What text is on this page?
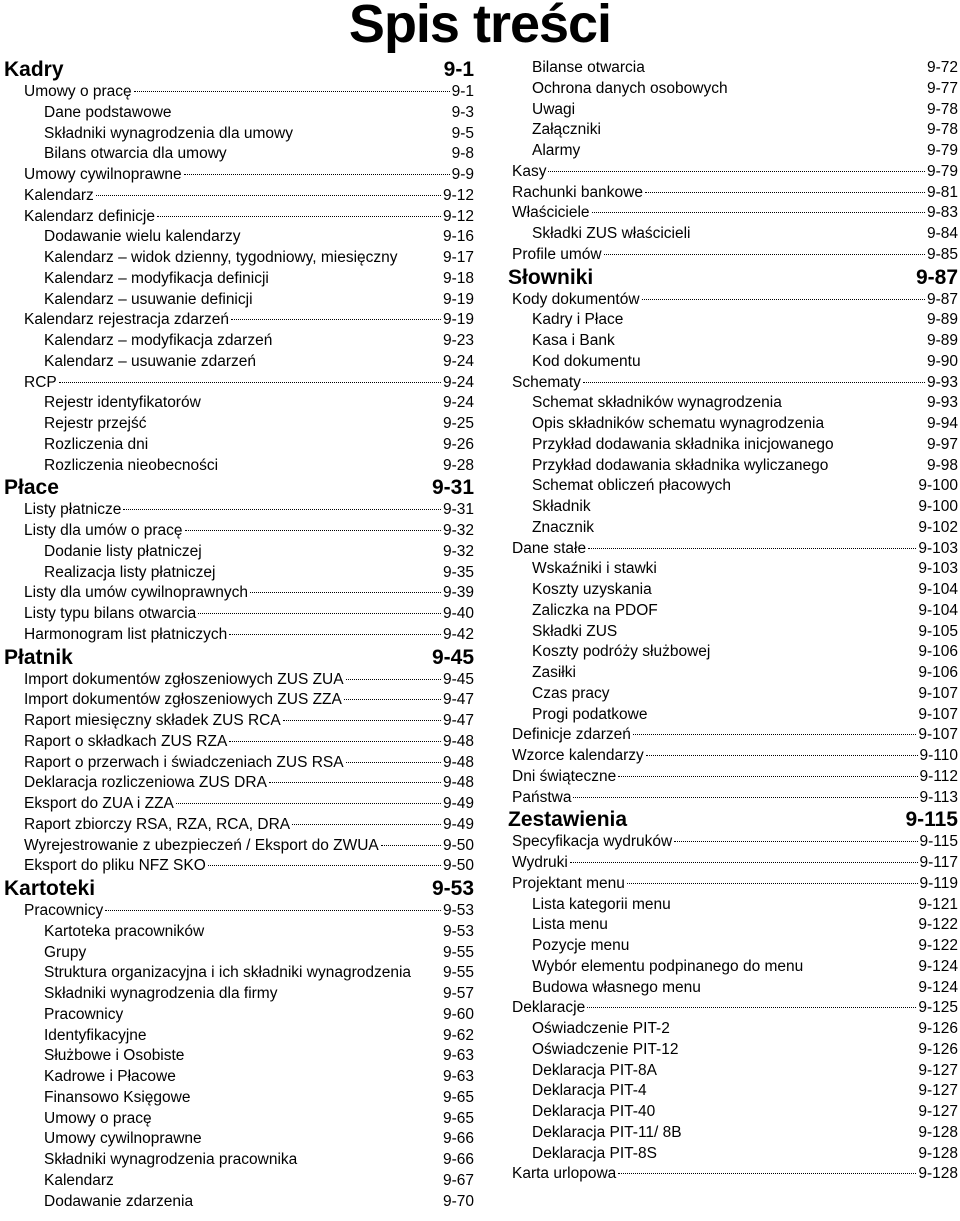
Spis treści
Kadry	9-1
Umowy o pracę	9-1
Dane podstawowe	9-3
Składniki wynagrodzenia dla umowy	9-5
Bilans otwarcia dla umowy	9-8
Umowy cywilnoprawne	9-9
Kalendarz	9-12
Kalendarz definicje	9-12
Dodawanie wielu kalendarzy	9-16
Kalendarz – widok dzienny, tygodniowy, miesięczny	9-17
Kalendarz – modyfikacja definicji	9-18
Kalendarz – usuwanie definicji	9-19
Kalendarz rejestracja zdarzeń	9-19
Kalendarz – modyfikacja zdarzeń	9-23
Kalendarz – usuwanie zdarzeń	9-24
RCP	9-24
Rejestr identyfikatorów	9-24
Rejestr przejść	9-25
Rozliczenia dni	9-26
Rozliczenia nieobecności	9-28
Płace	9-31
Listy płatnicze	9-31
Listy dla umów o pracę	9-32
Dodanie listy płatniczej	9-32
Realizacja listy płatniczej	9-35
Listy dla umów cywilnoprawnych	9-39
Listy typu bilans otwarcia	9-40
Harmonogram list płatniczych	9-42
Płatnik	9-45
Import dokumentów zgłoszeniowych ZUS ZUA	9-45
Import dokumentów zgłoszeniowych ZUS ZZA	9-47
Raport miesięczny składek ZUS RCA	9-47
Raport o składkach ZUS RZA	9-48
Raport o przerwach i świadczeniach ZUS RSA	9-48
Deklaracja rozliczeniowa ZUS DRA	9-48
Eksport do ZUA i ZZA	9-49
Raport zbiorczy RSA, RZA, RCA, DRA	9-49
Wyrejestrowanie z ubezpieczeń / Eksport do ZWUA	9-50
Eksport do pliku NFZ SKO	9-50
Kartoteki	9-53
Pracownicy	9-53
Kartoteka pracowników	9-53
Grupy	9-55
Struktura organizacyjna i ich składniki wynagrodzenia 9-55
Składniki wynagrodzenia dla firmy	9-57
Pracownicy	9-60
Identyfikacyjne	9-62
Służbowe i Osobiste	9-63
Kadrowe i Płacowe	9-63
Finansowo Księgowe	9-65
Umowy o pracę	9-65
Umowy cywilnoprawne	9-66
Składniki wynagrodzenia pracownika	9-66
Kalendarz	9-67
Dodawanie zdarzenia	9-70
Bilanse otwarcia	9-72
Ochrona danych osobowych	9-77
Uwagi	9-78
Załączniki	9-78
Alarmy	9-79
Kasy	9-79
Rachunki bankowe	9-81
Właściciele	9-83
Składki ZUS właścicieli	9-84
Profile umów	9-85
Słowniki	9-87
Kody dokumentów	9-87
Kadry i Płace	9-89
Kasa i Bank	9-89
Kod dokumentu	9-90
Schematy	9-93
Schemat składników wynagrodzenia	9-93
Opis składników schematu wynagrodzenia	9-94
Przykład dodawania składnika inicjowanego	9-97
Przykład dodawania składnika wyliczanego	9-98
Schemat obliczeń płacowych	9-100
Składnik	9-100
Znacznik	9-102
Dane stałe	9-103
Wskaźniki i stawki	9-103
Koszty uzyskania	9-104
Zaliczka na PDOF	9-104
Składki ZUS	9-105
Koszty podróży służbowej	9-106
Zasiłki	9-106
Czas pracy	9-107
Progi podatkowe	9-107
Definicje zdarzeń	9-107
Wzorce kalendarzy	9-110
Dni świąteczne	9-112
Państwa	9-113
Zestawienia	9-115
Specyfikacja wydruków	9-115
Wydruki	9-117
Projektant menu	9-119
Lista kategorii menu	9-121
Lista menu	9-122
Pozycje menu	9-122
Wybór elementu podpinanego do menu	9-124
Budowa własnego menu	9-124
Deklaracje	9-125
Oświadczenie PIT-2	9-126
Oświadczenie PIT-12	9-126
Deklaracja PIT-8A	9-127
Deklaracja PIT-4	9-127
Deklaracja PIT-40	9-127
Deklaracja PIT-11/ 8B	9-128
Deklaracja PIT-8S	9-128
Karta urlopowa	9-128
